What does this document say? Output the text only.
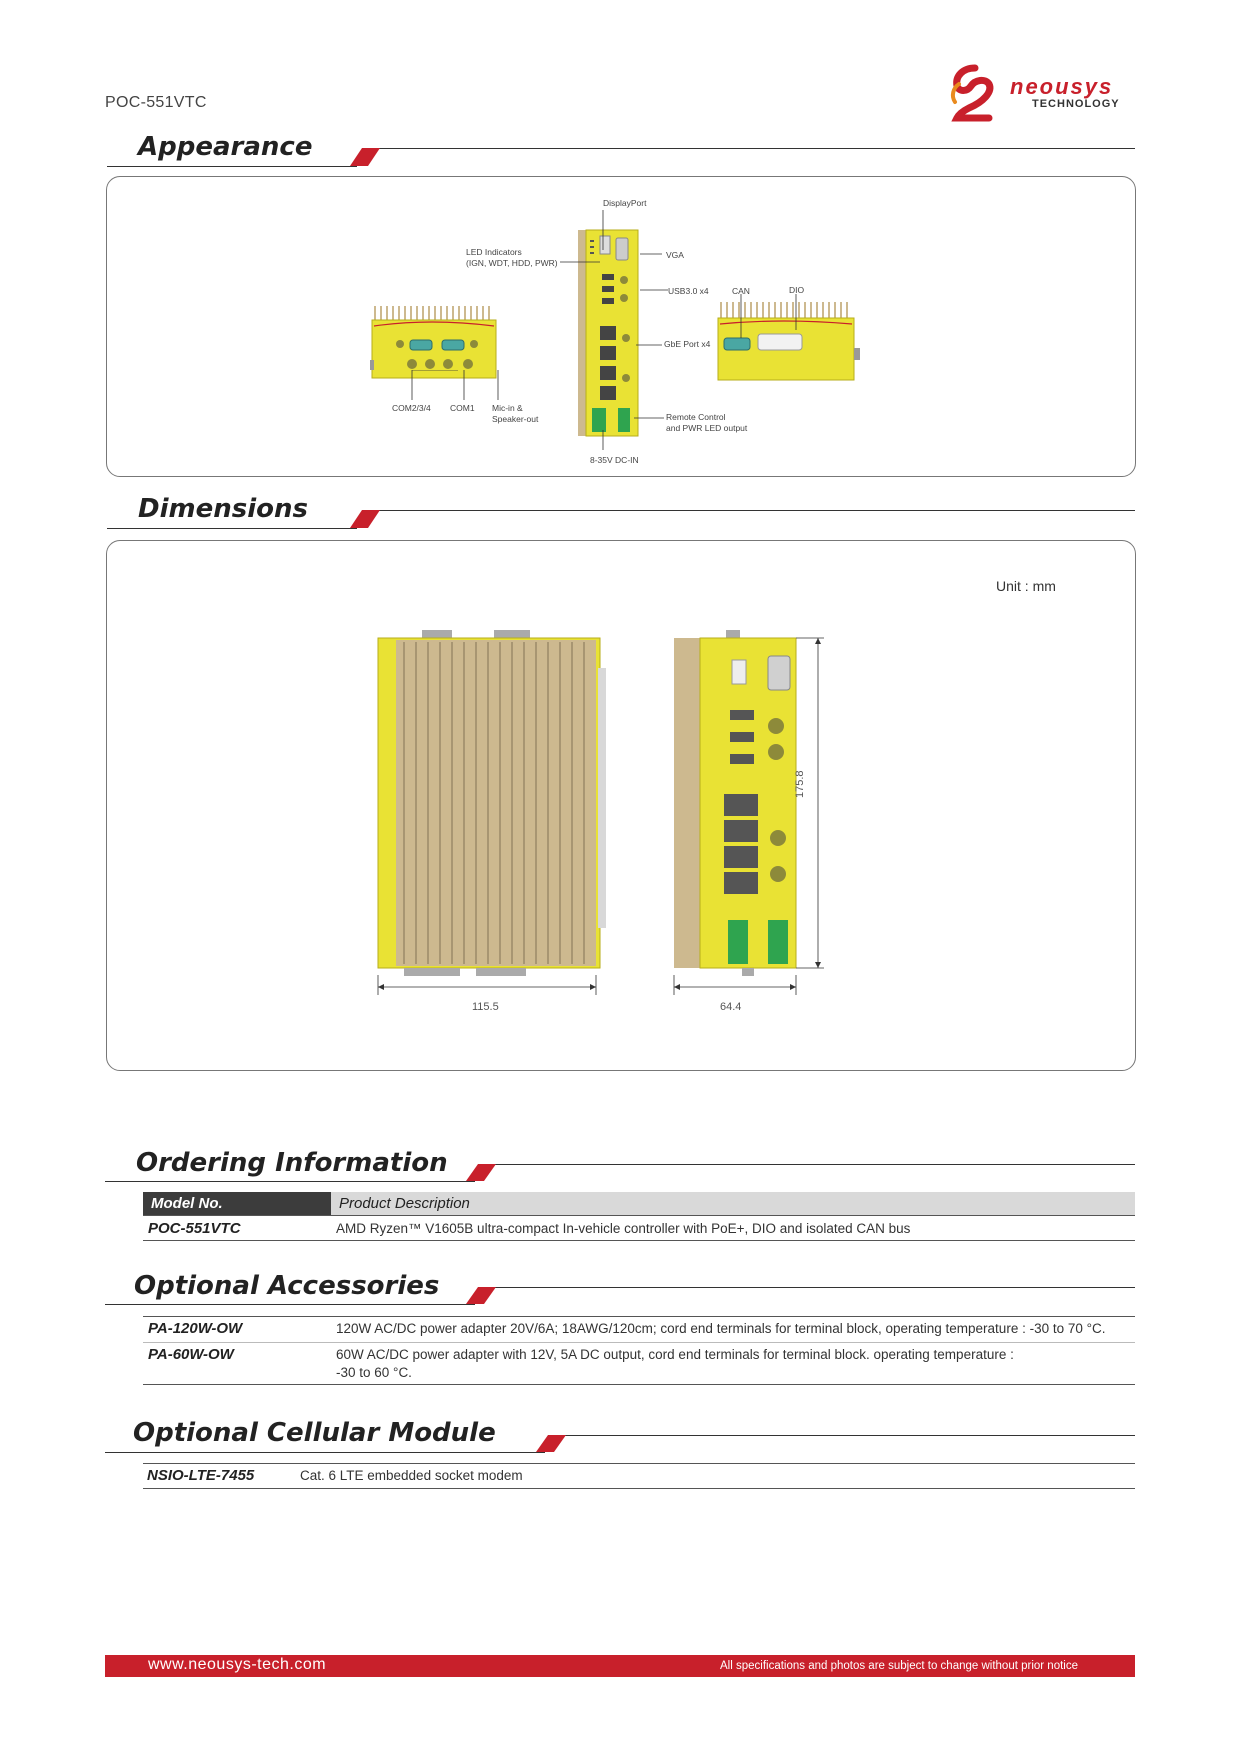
POC-551VTC
neousys
TECHNOLOGY
Appearance
COM2/3/4 COM1 Mic-in &
Speaker-out
DisplayPort
VGA
LED Indicators
(IGN, WDT, HDD, PWR)
USB3.0 x4
GbE Port x4
Remote Control
and PWR LED output
8-35V DC-IN
CAN	DIO
Dimensions
Unit : mm
115.5	64.4
175.8
Ordering Information
Model No.	Product Description
POC-551VTC	AMD Ryzen™ V1605B ultra-compact In-vehicle controller with PoE+, DIO and isolated CAN bus
Optional Accessories
PA-120W-OW	120W AC/DC power adapter 20V/6A; 18AWG/120cm; cord end terminals for terminal block, operating temperature : -30 to 70 °C.
PA-60W-OW	60W AC/DC power adapter with 12V, 5A DC output, cord end terminals for terminal block. operating temperature :
-30 to 60 °C.
Optional Cellular Module
NSIO-LTE-7455	Cat. 6 LTE embedded socket modem
www.neousys-tech.com	All specifications and photos are subject to change without prior notice
